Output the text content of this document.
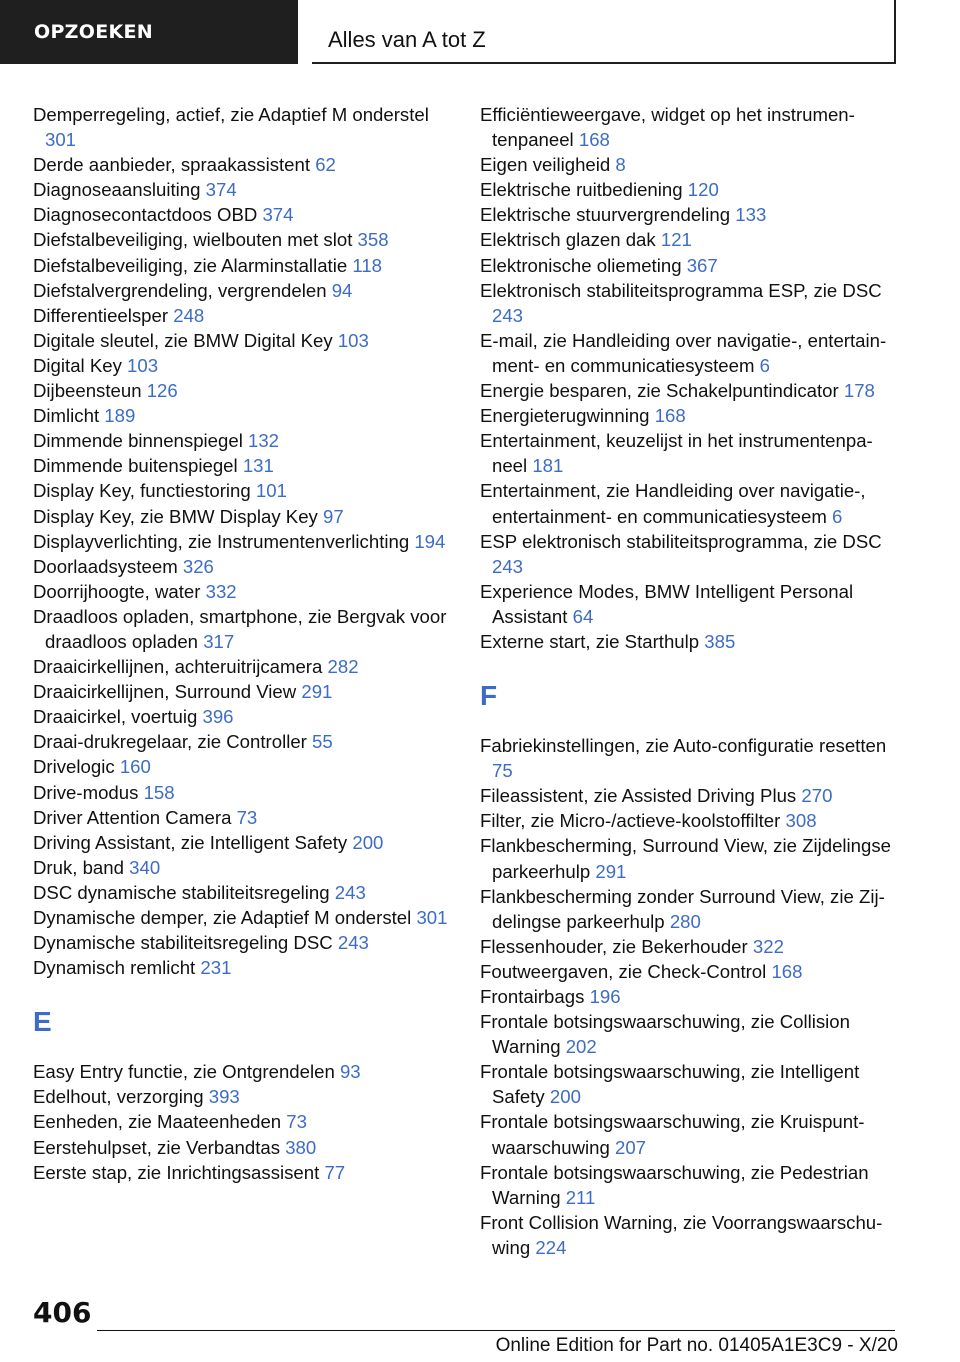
OPZOEKEN	Alles van A tot Z
Demperregeling, actief, zie Adaptief M onderstel 301
Derde aanbieder, spraakassistent 62
Diagnoseaansluiting 374
Diagnosecontactdoos OBD 374
Diefstalbeveiliging, wielbouten met slot 358
Diefstalbeveiliging, zie Alarminstallatie 118
Diefstalvergrendeling, vergrendelen 94
Differentieelsper 248
Digitale sleutel, zie BMW Digital Key 103
Digital Key 103
Dijbeensteun 126
Dimlicht 189
Dimmende binnenspiegel 132
Dimmende buitenspiegel 131
Display Key, functiestoring 101
Display Key, zie BMW Display Key 97
Displayverlichting, zie Instrumentenverlichting 194
Doorlaadsysteem 326
Doorrijhoogte, water 332
Draadloos opladen, smartphone, zie Bergvak voor draadloos opladen 317
Draaicirkellijnen, achteruitrijcamera 282
Draaicirkellijnen, Surround View 291
Draaicirkel, voertuig 396
Draai-drukregelaar, zie Controller 55
Drivelogic 160
Drive-modus 158
Driver Attention Camera 73
Driving Assistant, zie Intelligent Safety 200
Druk, band 340
DSC dynamische stabiliteitsregeling 243
Dynamische demper, zie Adaptief M onderstel 301
Dynamische stabiliteitsregeling DSC 243
Dynamisch remlicht 231
E
Easy Entry functie, zie Ontgrendelen 93
Edelhout, verzorging 393
Eenheden, zie Maateenheden 73
Eerstehulpset, zie Verbandtas 380
Eerste stap, zie Inrichtingsassisent 77
Efficiëntieweergave, widget op het instrumentenpaneel 168
Eigen veiligheid 8
Elektrische ruitbediening 120
Elektrische stuurvergrendeling 133
Elektrisch glazen dak 121
Elektronische oliemeting 367
Elektronisch stabiliteitsprogramma ESP, zie DSC 243
E-mail, zie Handleiding over navigatie-, entertainment- en communicatiesysteem 6
Energie besparen, zie Schakelpuntindicator 178
Energieterugwinning 168
Entertainment, keuzelijst in het instrumentenpaneel 181
Entertainment, zie Handleiding over navigatie-, entertainment- en communicatiesysteem 6
ESP elektronisch stabiliteitsprogramma, zie DSC 243
Experience Modes, BMW Intelligent Personal Assistant 64
Externe start, zie Starthulp 385
F
Fabriekinstellingen, zie Auto-configuratie resetten 75
Fileassistent, zie Assisted Driving Plus 270
Filter, zie Micro-/actieve-koolstoffilter 308
Flankbescherming, Surround View, zie Zijdelingse parkeerhulp 291
Flankbescherming zonder Surround View, zie Zijdelingse parkeerhulp 280
Flessenhouder, zie Bekerhouder 322
Foutweergaven, zie Check-Control 168
Frontairbags 196
Frontale botsingswaarschuwing, zie Collision Warning 202
Frontale botsingswaarschuwing, zie Intelligent Safety 200
Frontale botsingswaarschuwing, zie Kruispuntwaarschuwing 207
Frontale botsingswaarschuwing, zie Pedestrian Warning 211
Front Collision Warning, zie Voorrangswaarschuwing 224
406
Online Edition for Part no. 01405A1E3C9 - X/20
